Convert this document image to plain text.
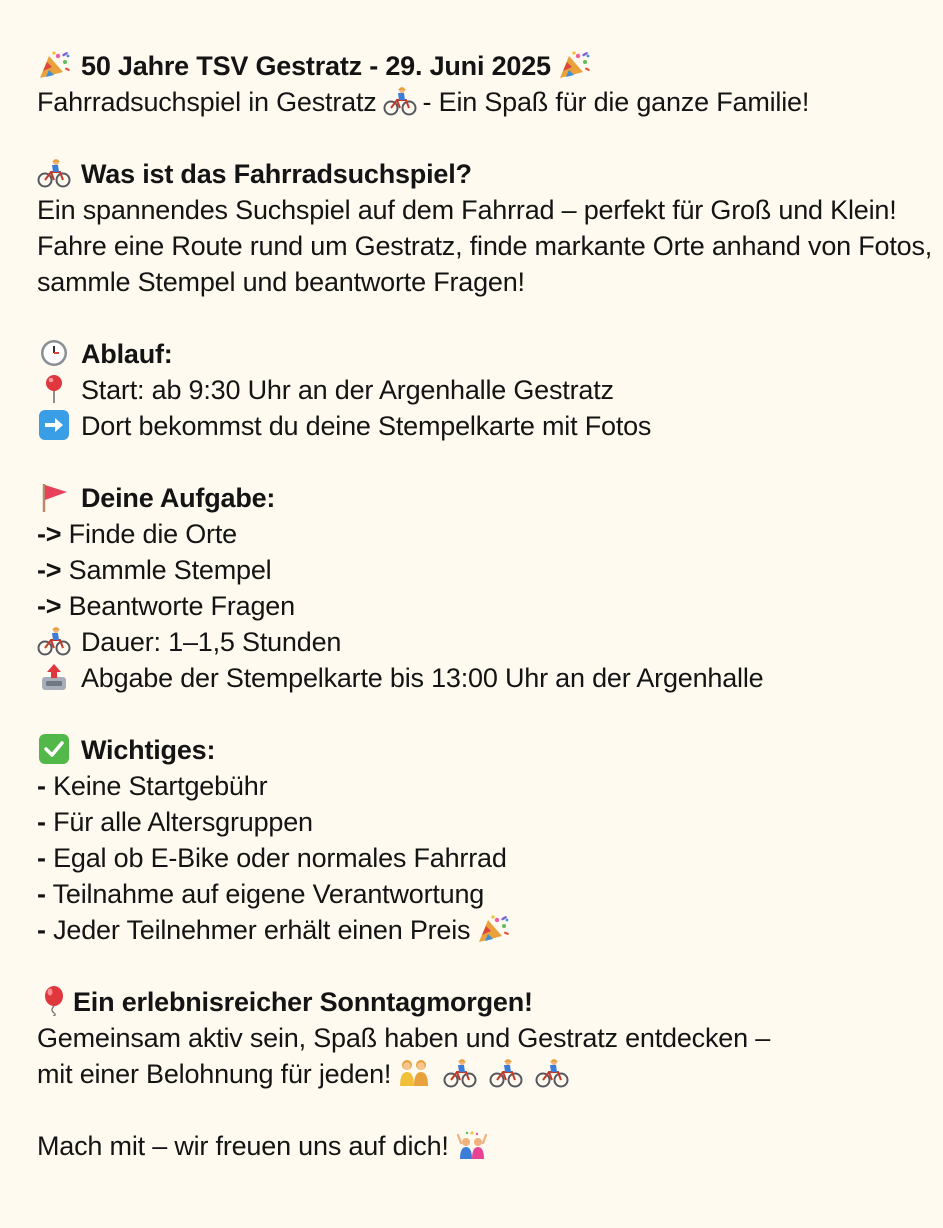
50 Jahre TSV Gestratz - 29. Juni 2025
Fahrradsuchspiel in Gestratz - Ein Spaß für die ganze Familie!
Was ist das Fahrradsuchspiel?
Ein spannendes Suchspiel auf dem Fahrrad – perfekt für Groß und Klein! Fahre eine Route rund um Gestratz, finde markante Orte anhand von Fotos, sammle Stempel und beantworte Fragen!
Ablauf:
Start: ab 9:30 Uhr an der Argenhalle Gestratz
Dort bekommst du deine Stempelkarte mit Fotos
Deine Aufgabe:
-> Finde die Orte
-> Sammle Stempel
-> Beantworte Fragen
Dauer: 1–1,5 Stunden
Abgabe der Stempelkarte bis 13:00 Uhr an der Argenhalle
Wichtiges:
- Keine Startgebühr
- Für alle Altersgruppen
- Egal ob E-Bike oder normales Fahrrad
- Teilnahme auf eigene Verantwortung
- Jeder Teilnehmer erhält einen Preis
Ein erlebnisreicher Sonntagmorgen!
Gemeinsam aktiv sein, Spaß haben und Gestratz entdecken –
mit einer Belohnung für jeden!
Mach mit – wir freuen uns auf dich!
